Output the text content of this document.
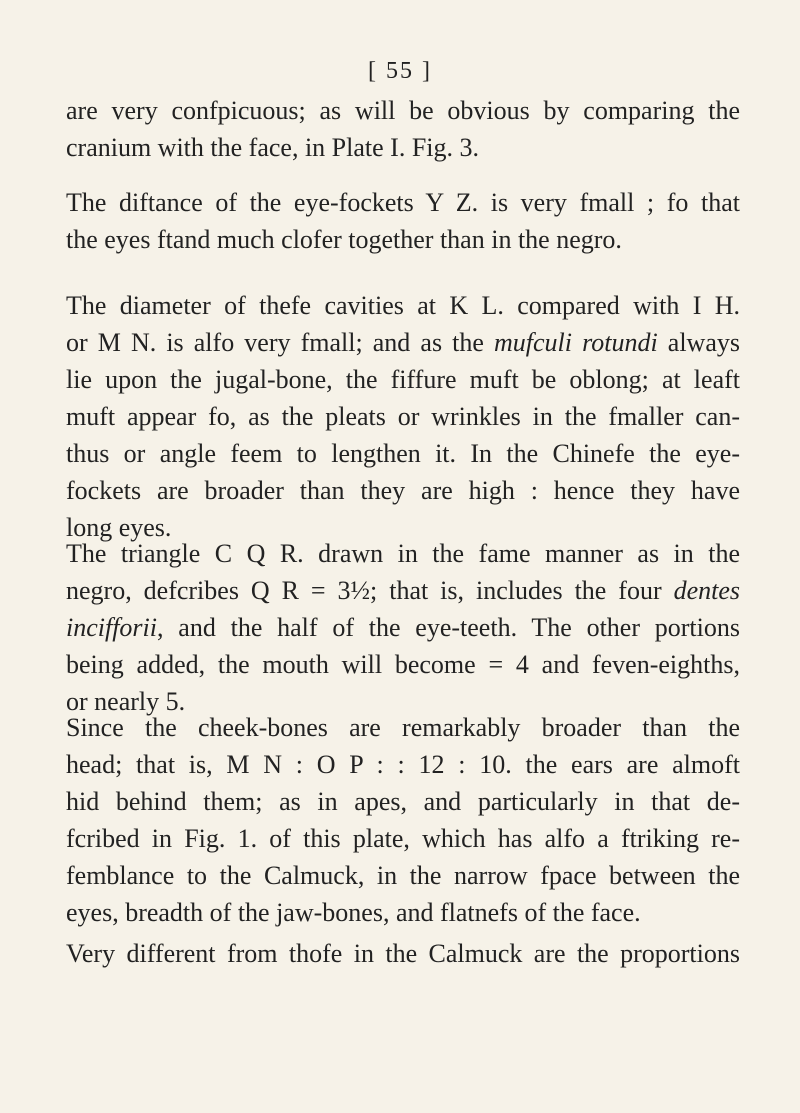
[ 55 ]

are very confpicuous; as will be obvious by comparing the
cranium with the face, in Plate I. Fig. 3.

The diftance of the eye-fockets Y Z. is very fmall ; fo that
the eyes ftand much clofer together than in the negro.

The diameter of thefe cavities at K L. compared with I H.
or M N. is alfo very fmall; and as the mufculi rotundi always
lie upon the jugal-bone, the fiffure muft be oblong; at leaft
muft appear fo, as the pleats or wrinkles in the fmaller can-
thus or angle feem to lengthen it. In the Chinefe the eye-
fockets are broader than they are high : hence they have
long eyes.

The triangle C Q R. drawn in the fame manner as in the
negro, defcribes Q R = 3½; that is, includes the four dentes
incifforii, and the half of the eye-teeth. The other portions
being added, the mouth will become = 4 and feven-eighths,
or nearly 5.

Since the cheek-bones are remarkably broader than the
head; that is, M N : O P : : 12 : 10. the ears are almoft
hid behind them; as in apes, and particularly in that de-
fcribed in Fig. 1. of this plate, which has alfo a ftriking re-
femblance to the Calmuck, in the narrow fpace between the
eyes, breadth of the jaw-bones, and flatnefs of the face.

Very different from thofe in the Calmuck are the proportions
